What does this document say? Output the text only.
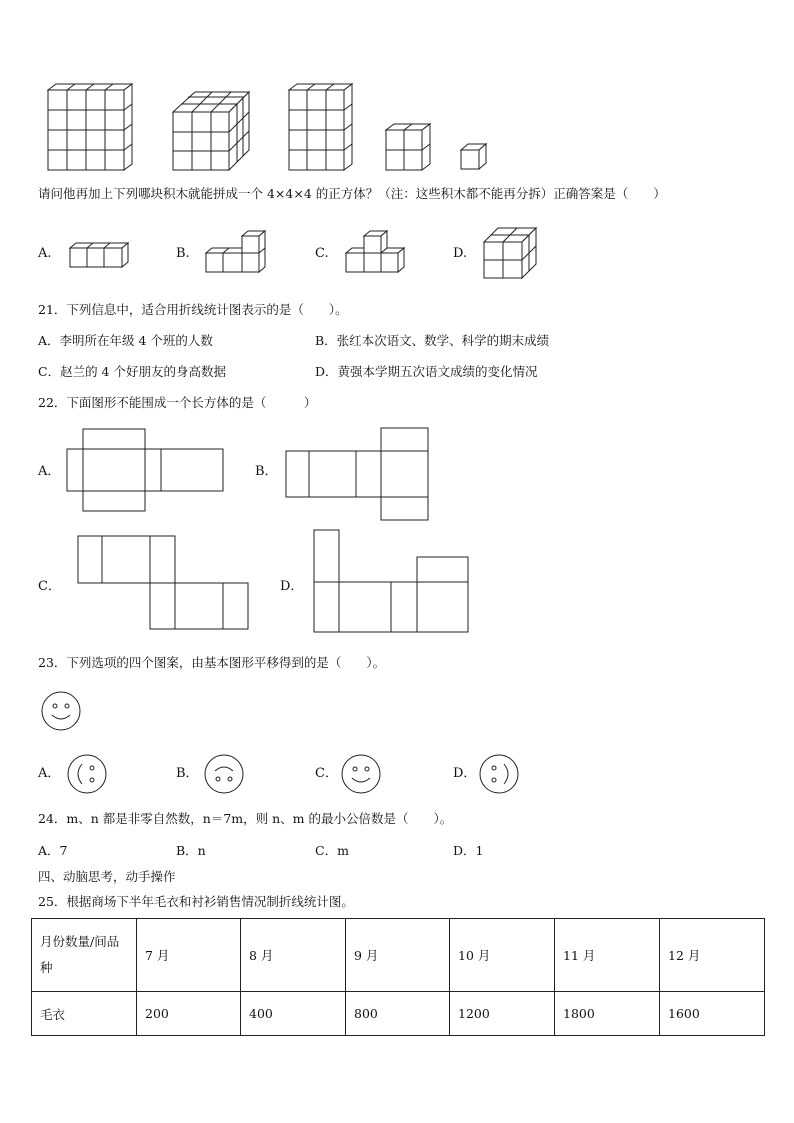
请问他再加上下列哪块积木就能拼成一个 4×4×4 的正方体？（注：这些积木都不能再分拆）正确答案是（　　）
A.	B.	C.	D.
21．下列信息中，适合用折线统计图表示的是（　　）。
A．李明所在年级 4 个班的人数	B．张红本次语文、数学、科学的期末成绩
C．赵兰的 4 个好朋友的身高数据	D．黄强本学期五次语文成绩的变化情况
22．下面图形不能围成一个长方体的是（　　　）
A．	B．
C．	D．
23．下列选项的四个图案，由基本图形平移得到的是（　　）。
A．	B．	C．	D．
24．m、n 都是非零自然数，n＝7m，则 n、m 的最小公倍数是（　　）。
A．7	B．n	C．m	D．1
四、动脑思考，动手操作
25．根据商场下半年毛衣和衬衫销售情况制折线统计图。
月份数量/间品种	7 月	8 月	9 月	10 月	11 月	12 月
毛衣	200	400	800	1200	1800	1600
